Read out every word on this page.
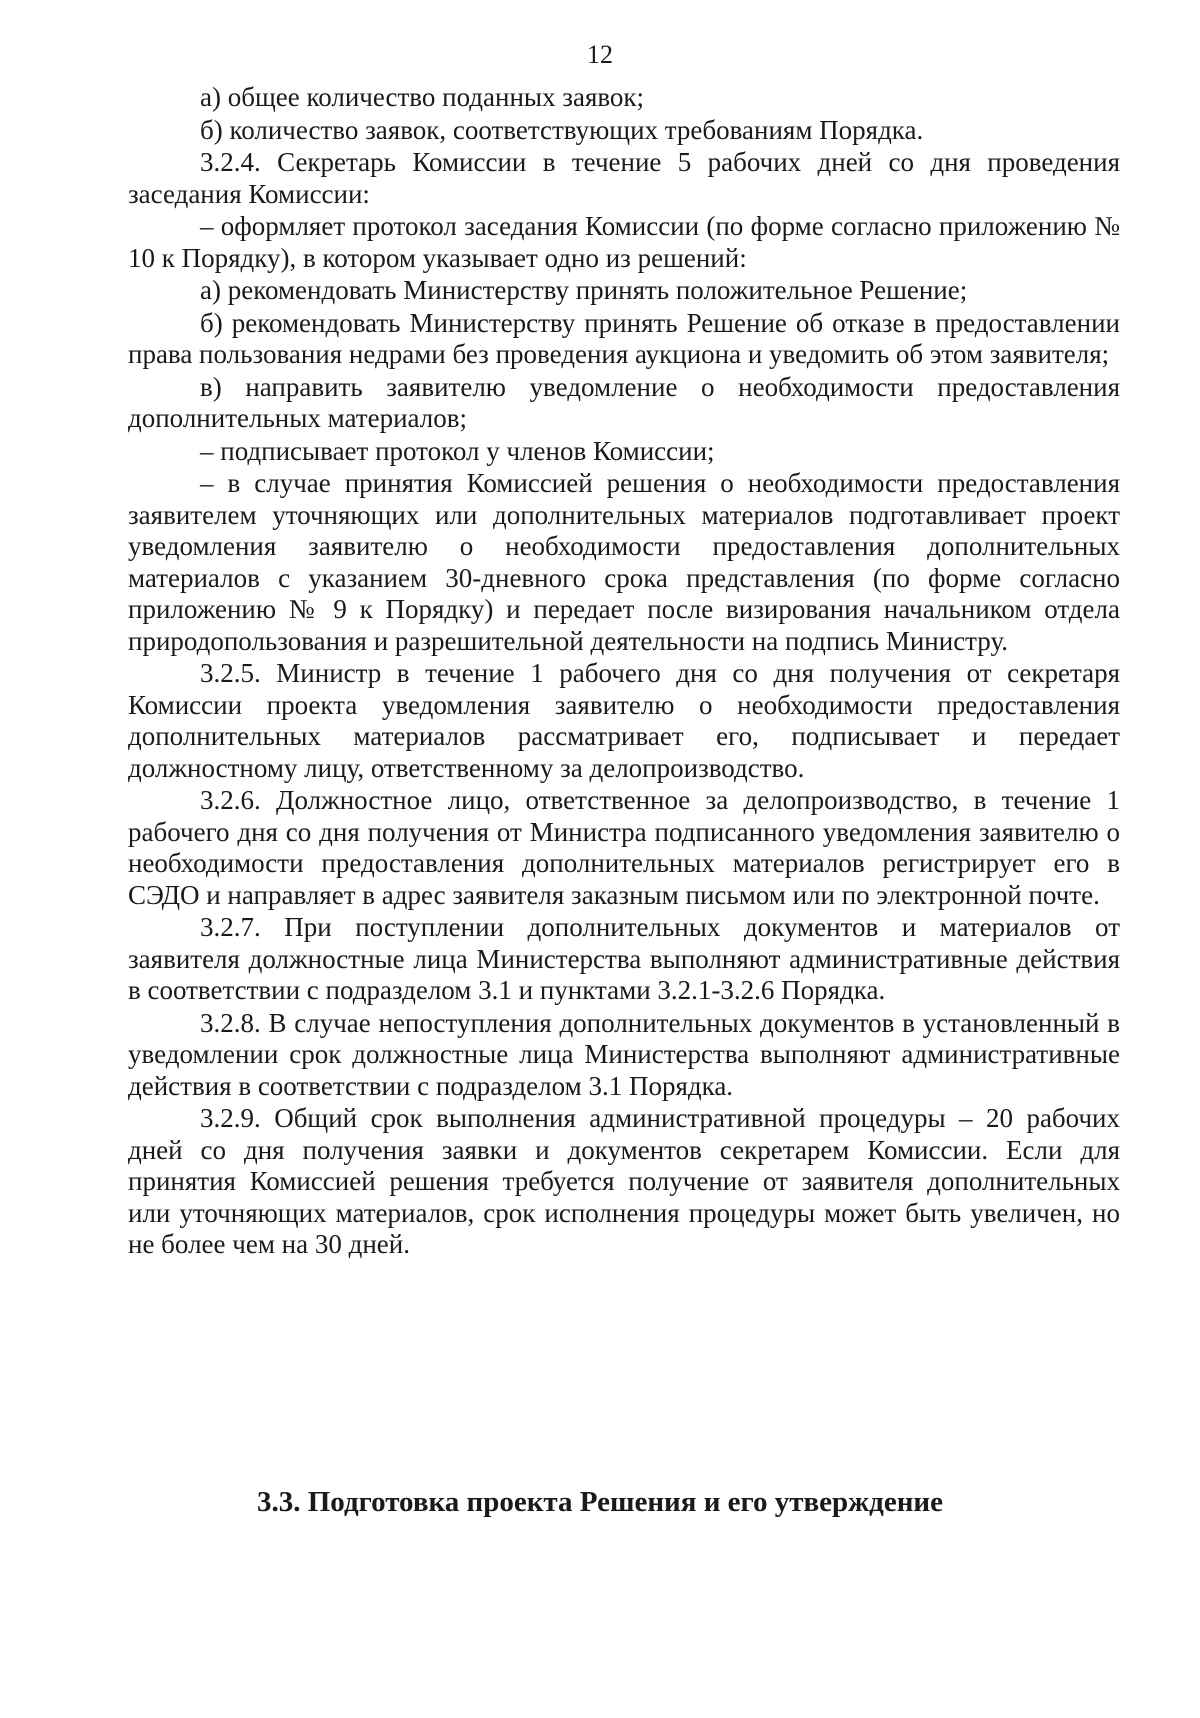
12

а) общее количество поданных заявок;

б) количество заявок, соответствующих требованиям Порядка.

3.2.4. Секретарь Комиссии в течение 5 рабочих дней со дня проведения заседания Комиссии:

– оформляет протокол заседания Комиссии (по форме согласно приложению № 10 к Порядку), в котором указывает одно из решений:

а) рекомендовать Министерству принять положительное Решение;

б) рекомендовать Министерству принять Решение об отказе в предоставлении права пользования недрами без проведения аукциона и уведомить об этом заявителя;

в) направить заявителю уведомление о необходимости предоставления дополнительных материалов;

– подписывает протокол у членов Комиссии;

– в случае принятия Комиссией решения о необходимости предоставления заявителем уточняющих или дополнительных материалов подготавливает проект уведомления заявителю о необходимости предоставления дополнительных материалов с указанием 30-дневного срока представления (по форме согласно приложению № 9 к Порядку) и передает после визирования начальником отдела природопользования и разрешительной деятельности на подпись Министру.

3.2.5. Министр в течение 1 рабочего дня со дня получения от секретаря Комиссии проекта уведомления заявителю о необходимости предоставления дополнительных материалов рассматривает его, подписывает и передает должностному лицу, ответственному за делопроизводство.

3.2.6. Должностное лицо, ответственное за делопроизводство, в течение 1 рабочего дня со дня получения от Министра подписанного уведомления заявителю о необходимости предоставления дополнительных материалов регистрирует его в СЭДО и направляет в адрес заявителя заказным письмом или по электронной почте.

3.2.7. При поступлении дополнительных документов и материалов от заявителя должностные лица Министерства выполняют административные действия в соответствии с подразделом 3.1 и пунктами 3.2.1-3.2.6 Порядка.

3.2.8. В случае непоступления дополнительных документов в установленный в уведомлении срок должностные лица Министерства выполняют административные действия в соответствии с подразделом 3.1 Порядка.

3.2.9. Общий срок выполнения административной процедуры – 20 рабочих дней со дня получения заявки и документов секретарем Комиссии. Если для принятия Комиссией решения требуется получение от заявителя дополнительных или уточняющих материалов, срок исполнения процедуры может быть увеличен, но не более чем на 30 дней.

3.3. Подготовка проекта Решения и его утверждение
